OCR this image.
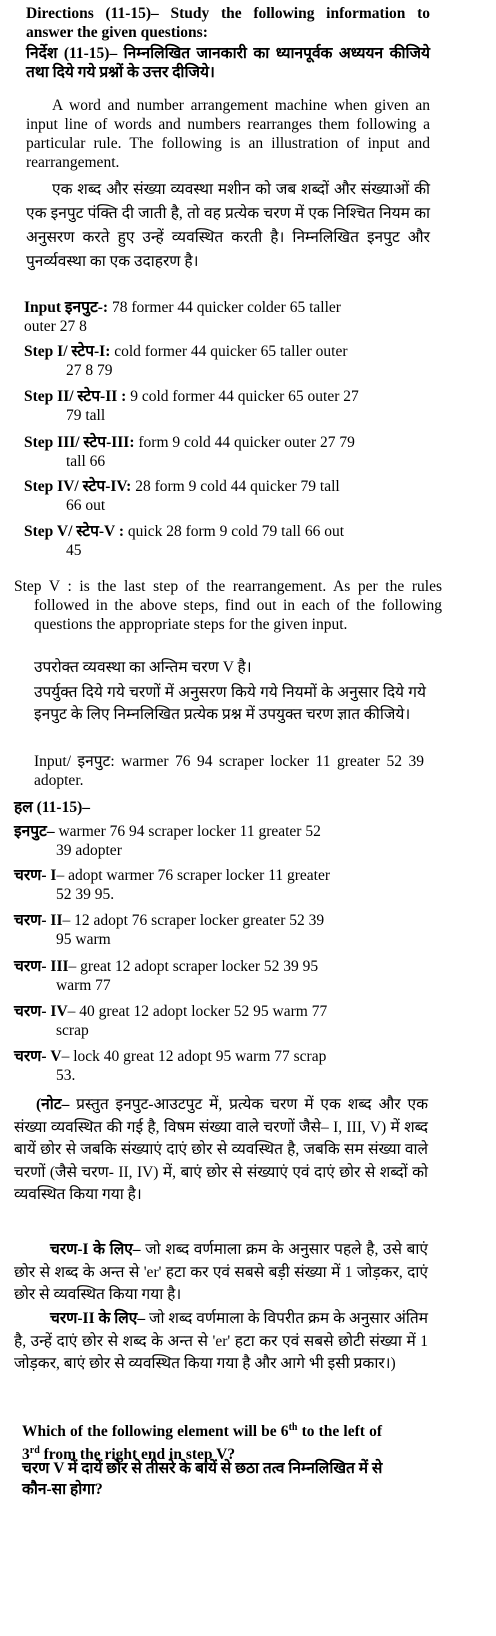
Directions (11-15)– Study the following information to answer the given questions:

निर्देश (11-15)– निम्नलिखित जानकारी का ध्यानपूर्वक अध्ययन कीजिये तथा दिये गये प्रश्नों के उत्तर दीजिये।

A word and number arrangement machine when given an input line of words and numbers rearranges them following a particular rule. The following is an illustration of input and rearrangement.

एक शब्द और संख्या व्यवस्था मशीन को जब शब्दों और संख्याओं की एक इनपुट पंक्ति दी जाती है, तो वह प्रत्येक चरण में एक निश्चित नियम का अनुसरण करते हुए उन्हें व्यवस्थित करती है। निम्नलिखित इनपुट और पुनर्व्यवस्था का एक उदाहरण है।

Input इनपुट-: 78 former 44 quicker colder 65 taller
outer 27 8

Step I/ स्टेप-I: cold former 44 quicker 65 taller outer
27 8 79

Step II/ स्टेप-II : 9 cold former 44 quicker 65 outer 27
79 tall

Step III/ स्टेप-III: form 9 cold 44 quicker outer 27 79
tall 66

Step IV/ स्टेप-IV: 28 form 9 cold 44 quicker 79 tall
66 out

Step V/ स्टेप-V : quick 28 form 9 cold 79 tall 66 out
45

Step V : is the last step of the rearrangement. As per the rules followed in the above steps, find out in each of the following questions the appropriate steps for the given input.

उपरोक्त व्यवस्था का अन्तिम चरण V है।

उपर्युक्त दिये गये चरणों में अनुसरण किये गये नियमों के अनुसार दिये गये इनपुट के लिए निम्नलिखित प्रत्येक प्रश्न में उपयुक्त चरण ज्ञात कीजिये।

Input/ इनपुट: warmer 76 94 scraper locker 11 greater 52 39 adopter.

हल (11-15)–

इनपुट– warmer 76 94 scraper locker 11 greater 52
39 adopter

चरण- I– adopt warmer 76 scraper locker 11 greater
52 39 95.

चरण- II– 12 adopt 76 scraper locker greater 52 39
95 warm

चरण- III– great 12 adopt scraper locker 52 39 95
warm 77

चरण- IV– 40 great 12 adopt locker 52 95 warm 77
scrap

चरण- V– lock 40 great 12 adopt 95 warm 77 scrap
53.

(नोट– प्रस्तुत इनपुट-आउटपुट में, प्रत्येक चरण में एक शब्द और एक संख्या व्यवस्थित की गई है, विषम संख्या वाले चरणों जैसे– I, III, V) में शब्द बायें छोर से जबकि संख्याएं दाएं छोर से व्यवस्थित है, जबकि सम संख्या वाले चरणों (जैसे चरण- II, IV) में, बाएं छोर से संख्याएं एवं दाएं छोर से शब्दों को व्यवस्थित किया गया है।

चरण-I के लिए– जो शब्द वर्णमाला क्रम के अनुसार पहले है, उसे बाएं छोर से शब्द के अन्त से 'er' हटा कर एवं सबसे बड़ी संख्या में 1 जोड़कर, दाएं छोर से व्यवस्थित किया गया है।

चरण-II के लिए– जो शब्द वर्णमाला के विपरीत क्रम के अनुसार अंतिम है, उन्हें दाएं छोर से शब्द के अन्त से 'er' हटा कर एवं सबसे छोटी संख्या में 1 जोड़कर, बाएं छोर से व्यवस्थित किया गया है और आगे भी इसी प्रकार।)

Which of the following element will be 6th to the left of 3rd from the right end in step V?

चरण V में दायें छोर से तीसरे के बायें से छठा तत्व निम्नलिखित में से कौन-सा होगा?
